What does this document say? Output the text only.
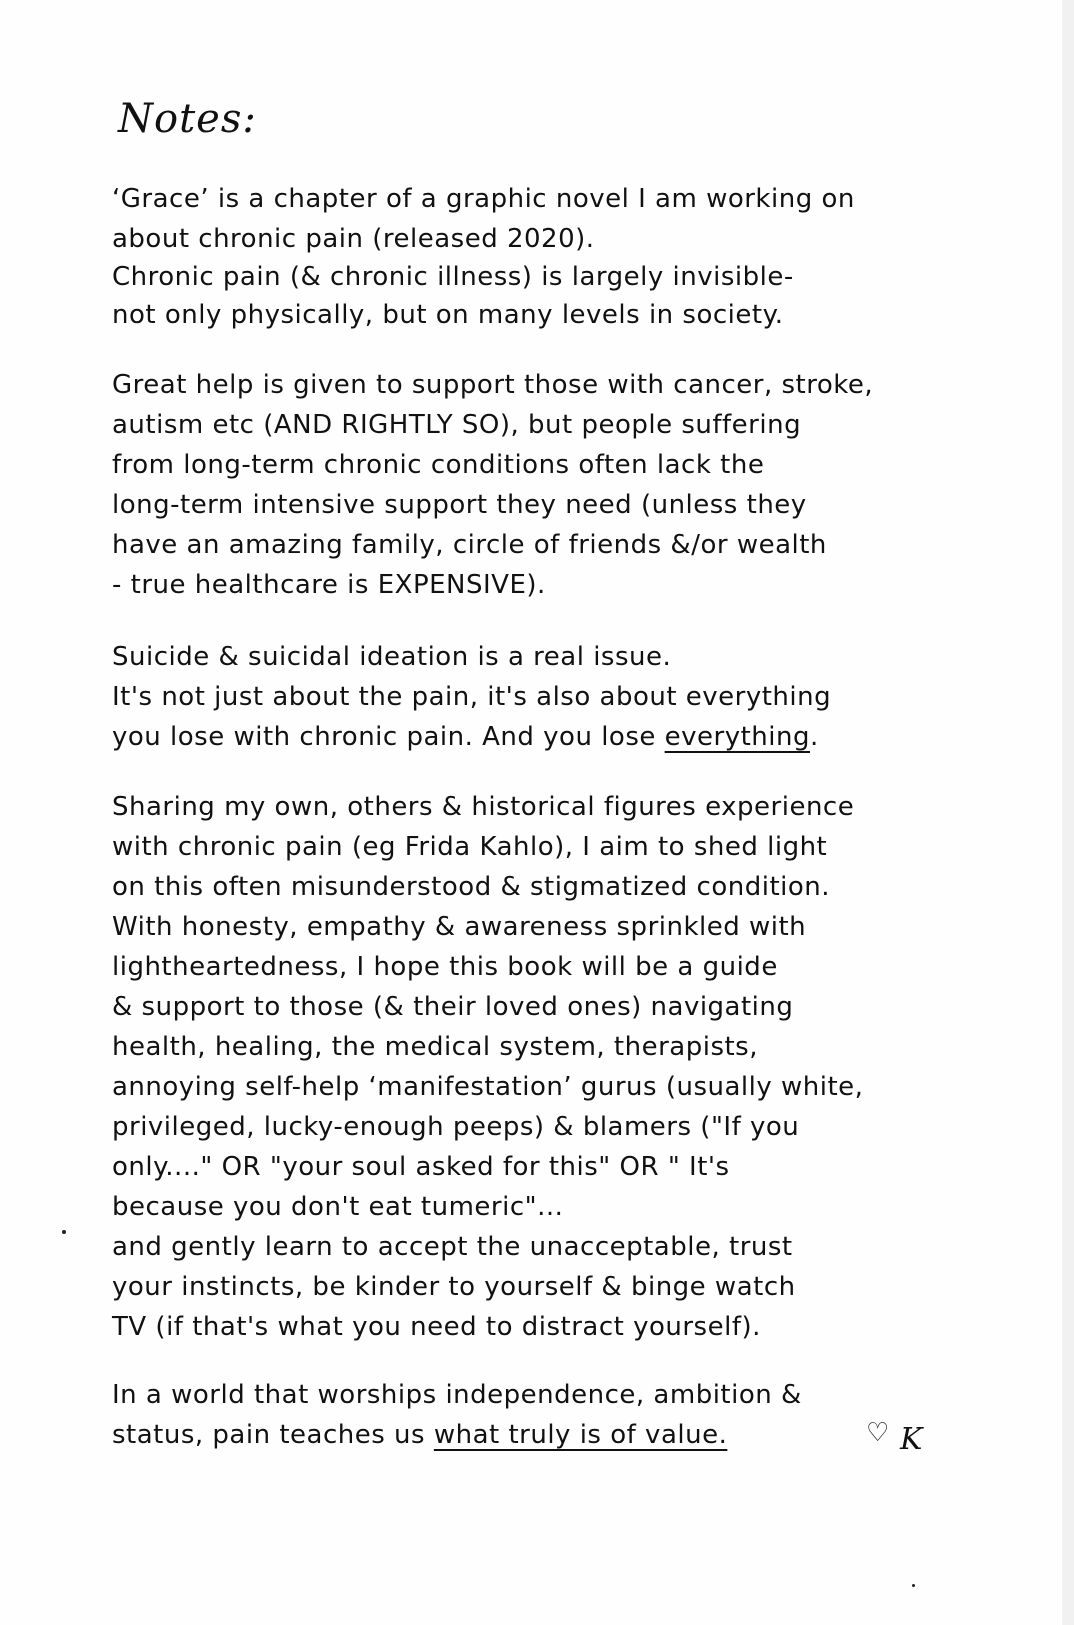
Notes:
‘Grace’ is a chapter of a graphic novel I am working on
about chronic pain (released 2020).
Chronic pain (& chronic illness) is largely invisible-
not only physically, but on many levels in society.
Great help is given to support those with cancer, stroke,
autism etc (AND RIGHTLY SO), but people suffering
from long-term chronic conditions often lack the
long-term intensive support they need (unless they
have an amazing family, circle of friends &/or wealth
- true healthcare is EXPENSIVE).
Suicide & suicidal ideation is a real issue.
It's not just about the pain, it's also about everything
you lose with chronic pain. And you lose everything.
Sharing my own, others & historical figures experience
with chronic pain (eg Frida Kahlo), I aim to shed light
on this often misunderstood & stigmatized condition.
With honesty, empathy & awareness sprinkled with
lightheartedness, I hope this book will be a guide
& support to those (& their loved ones) navigating
health, healing, the medical system, therapists,
annoying self-help ‘manifestation’ gurus (usually white,
privileged, lucky-enough peeps) & blamers ("If you
only...." OR "your soul asked for this" OR " It's
because you don't eat tumeric"...
and gently learn to accept the unacceptable, trust
your instincts, be kinder to yourself & binge watch
TV (if that's what you need to distract yourself).
In a world that worships independence, ambition &
status, pain teaches us what truly is of value.	♡ K
